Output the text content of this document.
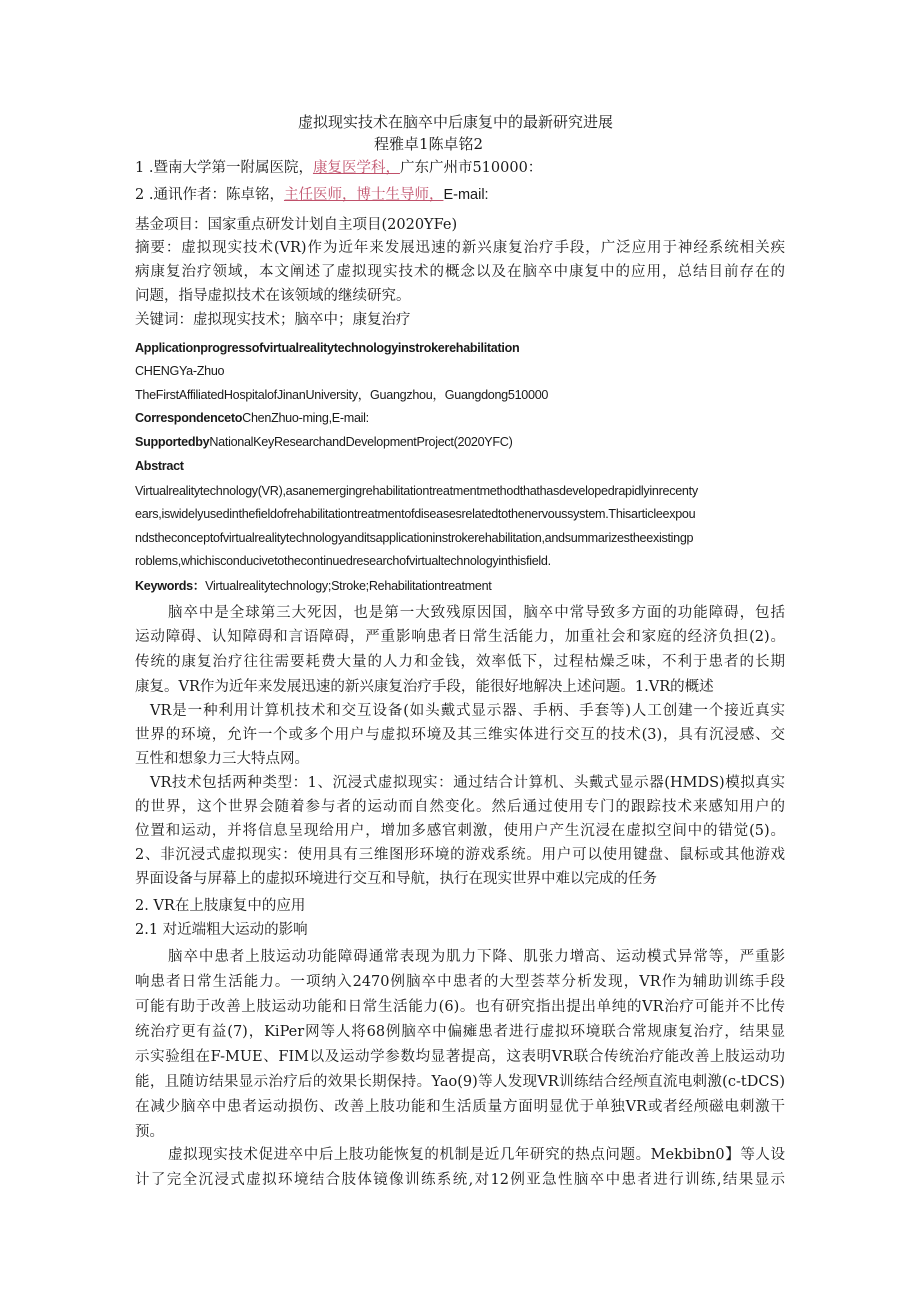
虚拟现实技术在脑卒中后康复中的最新研究进展
程雅卓1陈卓铭2
1 .暨南大学第一附属医院，康复医学科，广东广州市510000：
2 .通讯作者：陈卓铭，主任医师，博士生导师，E-mail:
基金项目：国家重点研发计划自主项目(2020YFe)
摘要：虚拟现实技术(VR)作为近年来发展迅速的新兴康复治疗手段，广泛应用于神经系统相关疾
病康复治疗领域，本文阐述了虚拟现实技术的概念以及在脑卒中康复中的应用，总结目前存在的
问题，指导虚拟技术在该领域的继续研究。
关键词：虚拟现实技术；脑卒中；康复治疗
Applicationprogressofvirtualrealitytechnologyinstrokerehabilitation
CHENGYa-Zhuo
TheFirstAffiliatedHospitalofJinanUniversity，Guangzhou，Guangdong510000
CorrespondencetoChenZhuo-ming,E-mail:
SupportedbyNationalKeyResearchandDevelopmentProject(2020YFC)
Abstract
Virtualrealitytechnology(VR),asanemergingrehabilitationtreatmentmethodthathasdevelopedrapidlyinrecenty
ears,iswidelyusedinthefieldofrehabilitationtreatmentofdiseasesrelatedtothenervoussystem.Thisarticleexpou
ndstheconceptofvirtualrealitytechnologyanditsapplicationinstrokerehabilitation,andsummarizestheexistingp
roblems,whichisconducivetothecontinuedresearchofvirtualtechnologyinthisfield.
Keywords：Virtualrealitytechnology;Stroke;Rehabilitationtreatment
脑卒中是全球第三大死因，也是第一大致残原因国，脑卒中常导致多方面的功能障碍，包括
运动障碍、认知障碍和言语障碍，严重影响患者日常生活能力，加重社会和家庭的经济负担(2)。
传统的康复治疗往往需要耗费大量的人力和金钱，效率低下，过程枯燥乏味，不利于患者的长期
康复。VR作为近年来发展迅速的新兴康复治疗手段，能很好地解决上述问题。1.VR的概述
VR是一种利用计算机技术和交互设备(如头戴式显示器、手柄、手套等)人工创建一个接近真实
世界的环境，允许一个或多个用户与虚拟环境及其三维实体进行交互的技术(3)，具有沉浸感、交
互性和想象力三大特点网。
VR技术包括两种类型：1、沉浸式虚拟现实：通过结合计算机、头戴式显示器(HMDS)模拟真实
的世界，这个世界会随着参与者的运动而自然变化。然后通过使用专门的跟踪技术来感知用户的
位置和运动，并将信息呈现给用户，增加多感官刺激，使用户产生沉浸在虚拟空间中的错觉(5)。
2、非沉浸式虚拟现实：使用具有三维图形环境的游戏系统。用户可以使用键盘、鼠标或其他游戏
界面设备与屏幕上的虚拟环境进行交互和导航，执行在现实世界中难以完成的任务
2. VR在上肢康复中的应用
2.1 对近端粗大运动的影响
脑卒中患者上肢运动功能障碍通常表现为肌力下降、肌张力增高、运动模式异常等，严重影
响患者日常生活能力。一项纳入2470例脑卒中患者的大型荟萃分析发现，VR作为辅助训练手段
可能有助于改善上肢运动功能和日常生活能力(6)。也有研究指出提出单纯的VR治疗可能并不比传
统治疗更有益(7)，KiPer网等人将68例脑卒中偏瘫患者进行虚拟环境联合常规康复治疗，结果显
示实验组在F-MUE、FIM以及运动学参数均显著提高，这表明VR联合传统治疗能改善上肢运动功
能，且随访结果显示治疗后的效果长期保持。Yao(9)等人发现VR训练结合经颅直流电刺激(c-tDCS)
在减少脑卒中患者运动损伤、改善上肢功能和生活质量方面明显优于单独VR或者经颅磁电刺激干
预。
虚拟现实技术促进卒中后上肢功能恢复的机制是近几年研究的热点问题。Mekbibn0】等人设
计了完全沉浸式虚拟环境结合肢体镜像训练系统,对12例亚急性脑卒中患者进行训练,结果显示
